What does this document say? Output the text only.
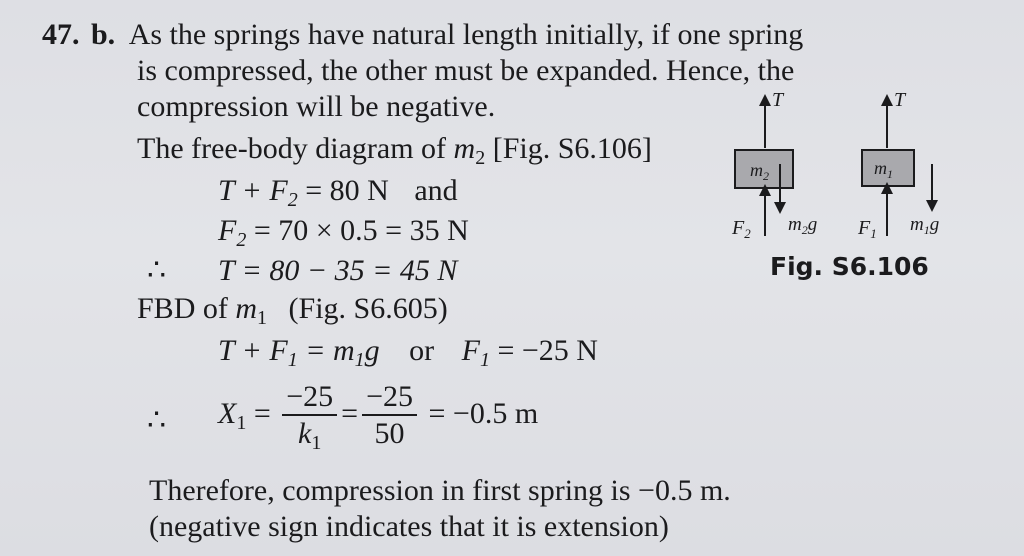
47. b. As the springs have natural length initially, if one spring
is compressed, the other must be expanded. Hence, the
compression will be negative.
The free-body diagram of $m_2$ [Fig. S6.106]
$T + F_2 = 80$ N and
$F_2 = 70 \times 0.5 = 35$ N
∴ T = 80 − 35 = 45 N
FBD of $m_1$ (Fig. S6.605)
$T + F_1 = m_1g$ or $F_1 = -25$ N
∴ $X_1 = \frac{-25}{k_1} = \frac{-25}{50} = -0.5$ m
Therefore, compression in first spring is −0.5 m.
(negative sign indicates that it is extension)
T
$m_2$
$F_2$ $m_2g$
T
$m_1$
$F_1$ $m_1g$
Fig. S6.106
